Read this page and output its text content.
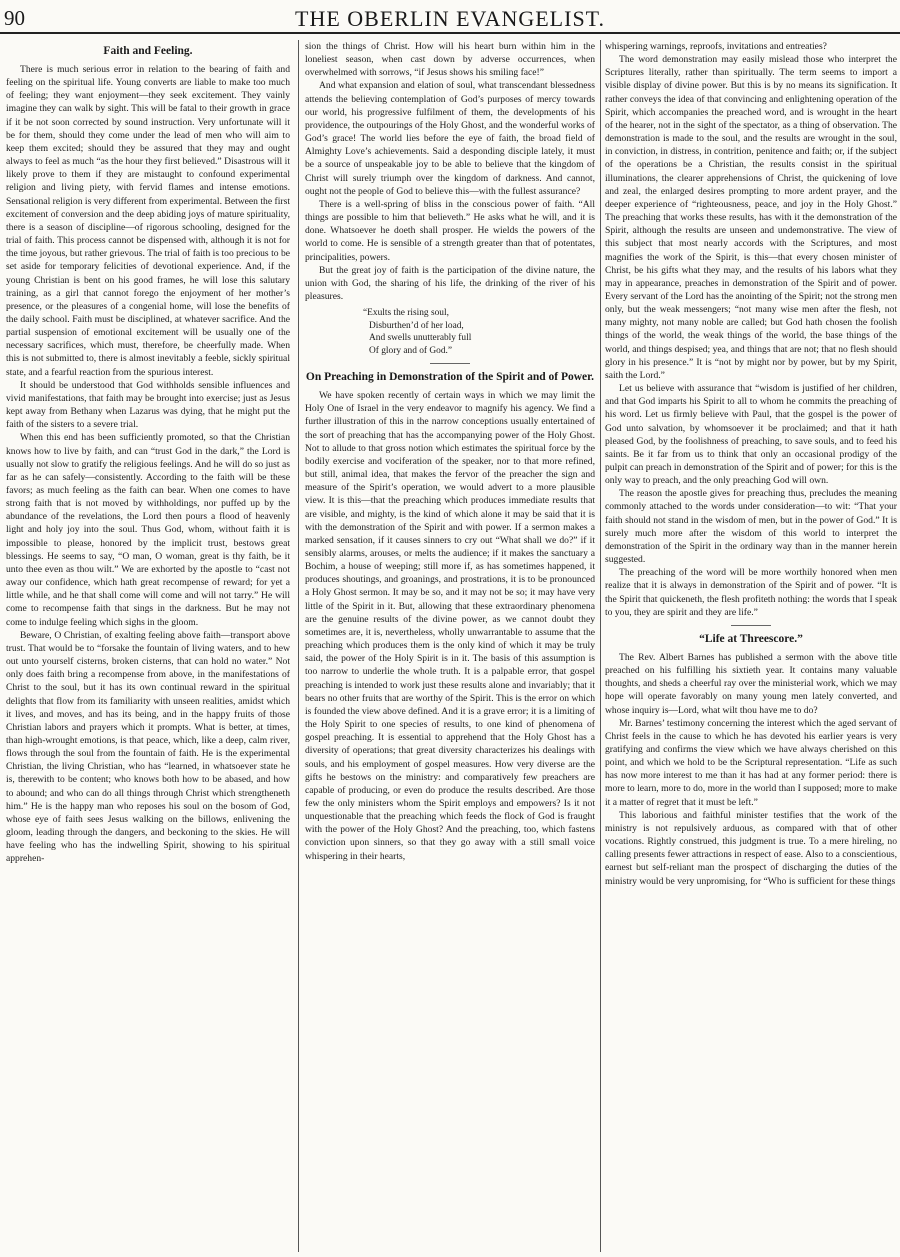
90	THE OBERLIN EVANGELIST.
Faith and Feeling.

There is much serious error in relation to the bearing of faith and feeling on the spiritual life. Young converts are liable to make too much of feeling; they want enjoyment—they seek excitement. They vainly imagine they can walk by sight. This will be fatal to their growth in grace if it be not soon corrected by sound instruction. Very unfortunate will it be for them, should they come under the lead of men who will aim to keep them excited; should they be assured that they may and ought always to feel as much “as the hour they first believed.” Disastrous will it likely prove to them if they are mistaught to confound experimental religion and living piety, with fervid flames and intense emotions. Sensational religion is very different from experimental. Between the first excitement of conversion and the deep abiding joys of mature spirituality, there is a season of discipline—of rigorous schooling, designed for the trial of faith. This process cannot be dispensed with, although it is not for the time joyous, but rather grievous. The trial of faith is too precious to be set aside for temporary felicities of devotional experience. And, if the young Christian is bent on his good frames, he will lose this salutary training, as a girl that cannot forego the enjoyment of her mother’s presence, or the pleasures of a congenial home, will lose the benefits of the daily school. Faith must be disciplined, at whatever sacrifice. And the partial suspension of emotional excitement will be usually one of the necessary sacrifices, which must, therefore, be cheerfully made. When this is not submitted to, there is almost inevitably a feeble, sickly spiritual state, and a fearful reaction from the spurious interest.

It should be understood that God withholds sensible influences and vivid manifestations, that faith may be brought into exercise; just as Jesus kept away from Bethany when Lazarus was dying, that he might put the faith of the sisters to a severe trial.

When this end has been sufficiently promoted, so that the Christian knows how to live by faith, and can “trust God in the dark,” the Lord is usually not slow to gratify the religious feelings. And he will do so just as far as he can safely—consistently. According to the faith will be these favors; as much feeling as the faith can bear. When one comes to have strong faith that is not moved by withholdings, nor puffed up by the abundance of the revelations, the Lord then pours a flood of heavenly light and holy joy into the soul. Thus God, whom, without faith it is impossible to please, honored by the implicit trust, bestows great blessings. He seems to say, “O man, O woman, great is thy faith, be it unto thee even as thou wilt.” We are exhorted by the apostle to “cast not away our confidence, which hath great recompense of reward; for yet a little while, and he that shall come will come and will not tarry.” He will come to recompense faith that sings in the darkness. But he may not come to indulge feeling which sighs in the gloom.

Beware, O Christian, of exalting feeling above faith—transport above trust. That would be to “forsake the fountain of living waters, and to hew out unto yourself cisterns, broken cisterns, that can hold no water.” Not only does faith bring a recompense from above, in the manifestations of Christ to the soul, but it has its own continual reward in the spiritual delights that flow from its familiarity with unseen realities, amidst which it lives, and moves, and has its being, and in the happy fruits of those Christian labors and prayers which it prompts. What is better, at times, than high-wrought emotions, is that peace, which, like a deep, calm river, flows through the soul from the fountain of faith. He is the experimental Christian, the living Christian, who has “learned, in whatsoever state he is, therewith to be content; who knows both how to be abased, and how to abound; and who can do all things through Christ which strengtheneth him.” He is the happy man who reposes his soul on the bosom of God, whose eye of faith sees Jesus walking on the billows, enlivening the gloom, leading through the dangers, and beckoning to the skies. He will have feeling who has the indwelling Spirit, showing to his spiritual apprehen-

sion the things of Christ. How will his heart burn within him in the loneliest season, when cast down by adverse occurrences, when overwhelmed with sorrows, “if Jesus shows his smiling face!”

And what expansion and elation of soul, what transcendant blessedness attends the believing contemplation of God’s purposes of mercy towards our world, his progressive fulfilment of them, the developments of his providence, the outpourings of the Holy Ghost, and the wonderful works of God’s grace! The world lies before the eye of faith, the broad field of Almighty Love’s achievements. Said a desponding disciple lately, it must be a source of unspeakable joy to be able to believe that the kingdom of Christ will surely triumph over the kingdom of darkness. And cannot, ought not the people of God to believe this—with the fullest assurance?

There is a well-spring of bliss in the conscious power of faith. “All things are possible to him that believeth.” He asks what he will, and it is done. Whatsoever he doeth shall prosper. He wields the powers of the world to come. He is sensible of a strength greater than that of potentates, principalities, powers.

But the great joy of faith is the participation of the divine nature, the union with God, the sharing of his life, the drinking of the river of his pleasures.

“Exults the rising soul,
Disburthen’d of her load,
And swells unutterably full
Of glory and of God.”
On Preaching in Demonstration of the Spirit and of Power.

We have spoken recently of certain ways in which we may limit the Holy One of Israel in the very endeavor to magnify his agency. We find a further illustration of this in the narrow conceptions usually entertained of the sort of preaching that has the accompanying power of the Holy Ghost. Not to allude to that gross notion which estimates the spiritual force by the bodily exercise and vociferation of the speaker, nor to that more refined, but still, animal idea, that makes the fervor of the preacher the sign and measure of the Spirit’s operation, we would advert to a more plausible view. It is this—that the preaching which produces immediate results that are visible, and mighty, is the kind of which alone it may be said that it is with the demonstration of the Spirit and with power. If a sermon makes a marked sensation, if it causes sinners to cry out “What shall we do?” if it sensibly alarms, arouses, or melts the audience; if it makes the sanctuary a Bochim, a house of weeping; still more if, as has sometimes happened, it produces shoutings, and groanings, and prostrations, it is to be pronounced a Holy Ghost sermon. It may be so, and it may not be so; it may have very little of the Spirit in it. But, allowing that these extraordinary phenomena are the genuine results of the divine power, as we cannot doubt they sometimes are, it is, nevertheless, wholly unwarrantable to assume that the preaching which produces them is the only kind of which it may be truly said, the power of the Holy Spirit is in it. The basis of this assumption is too narrow to underlie the whole truth. It is a palpable error, that gospel preaching is intended to work just these results alone and invariably; that it bears no other fruits that are worthy of the Spirit. This is the error on which is founded the view above defined. And it is a grave error; it is a limiting of the Holy Spirit to one species of results, to one kind of phenomena of gospel preaching. It is essential to apprehend that the Holy Ghost has a diversity of operations; that great diversity characterizes his dealings with souls, and his employment of gospel measures. How very diverse are the gifts he bestows on the ministry: and comparatively few preachers are capable of producing, or even do produce the results described. Are those few the only ministers whom the Spirit employs and empowers? Is it not unquestionable that the preaching which feeds the flock of God is fraught with the power of the Holy Ghost? And the preaching, too, which fastens conviction upon sinners, so that they go away with a still small voice whispering in their hearts,

whispering warnings, reproofs, invitations and entreaties?

The word demonstration may easily mislead those who interpret the Scriptures literally, rather than spiritually. The term seems to import a visible display of divine power. But this is by no means its signification. It rather conveys the idea of that convincing and enlightening operation of the Spirit, which accompanies the preached word, and is wrought in the heart of the hearer, not in the sight of the spectator, as a thing of observation. The demonstration is made to the soul, and the results are wrought in the soul, in conviction, in distress, in contrition, penitence and faith; or, if the subject of the operations be a Christian, the results consist in the spiritual illuminations, the clearer apprehensions of Christ, the quickening of love and zeal, the enlarged desires prompting to more ardent prayer, and the deeper experience of “righteousness, peace, and joy in the Holy Ghost.” The preaching that works these results, has with it the demonstration of the Spirit, although the results are unseen and undemonstrative. The view of this subject that most nearly accords with the Scriptures, and most magnifies the work of the Spirit, is this—that every chosen minister of Christ, be his gifts what they may, and the results of his labors what they may in appearance, preaches in demonstration of the Spirit and of power. Every servant of the Lord has the anointing of the Spirit; not the strong men only, but the weak messengers; “not many wise men after the flesh, not many mighty, not many noble are called; but God hath chosen the foolish things of the world, the weak things of the world, the base things of the world, and things despised; yea, and things that are not; that no flesh should glory in his presence.” It is “not by might nor by power, but by my Spirit, saith the Lord.”

Let us believe with assurance that “wisdom is justified of her children, and that God imparts his Spirit to all to whom he commits the preaching of his word. Let us firmly believe with Paul, that the gospel is the power of God unto salvation, by whomsoever it be proclaimed; and that it hath pleased God, by the foolishness of preaching, to save souls, and to feed his saints. Be it far from us to think that only an occasional prodigy of the pulpit can preach in demonstration of the Spirit and of power; for this is the only way to preach, and the only preaching God will own.

The reason the apostle gives for preaching thus, precludes the meaning commonly attached to the words under consideration—to wit: “That your faith should not stand in the wisdom of men, but in the power of God.” It is surely much more after the wisdom of this world to interpret the demonstration of the Spirit in the ordinary way than in the manner herein suggested.

The preaching of the word will be more worthily honored when men realize that it is always in demonstration of the Spirit and of power. “It is the Spirit that quickeneth, the flesh profiteth nothing: the words that I speak to you, they are spirit and they are life.”

“Life at Threescore.”

The Rev. Albert Barnes has published a sermon with the above title preached on his fulfilling his sixtieth year. It contains many valuable thoughts, and sheds a cheerful ray over the ministerial work, which we may hope will operate favorably on many young men lately converted, and whose inquiry is—Lord, what wilt thou have me to do?

Mr. Barnes’ testimony concerning the interest which the aged servant of Christ feels in the cause to which he has devoted his earlier years is very gratifying and confirms the view which we have always cherished on this point, and which we hold to be the Scriptural representation. “Life as such has now more interest to me than it has had at any former period: there is more to learn, more to do, more in the world than I supposed; more to make it a matter of regret that it must be left.”

This laborious and faithful minister testifies that the work of the ministry is not repulsively arduous, as compared with that of other vocations. Rightly construed, this judgment is true. To a mere hireling, no calling presents fewer attractions in respect of ease. Also to a conscientious, earnest but self-reliant man the prospect of discharging the duties of the ministry would be very unpromising, for “Who is sufficient for these things
